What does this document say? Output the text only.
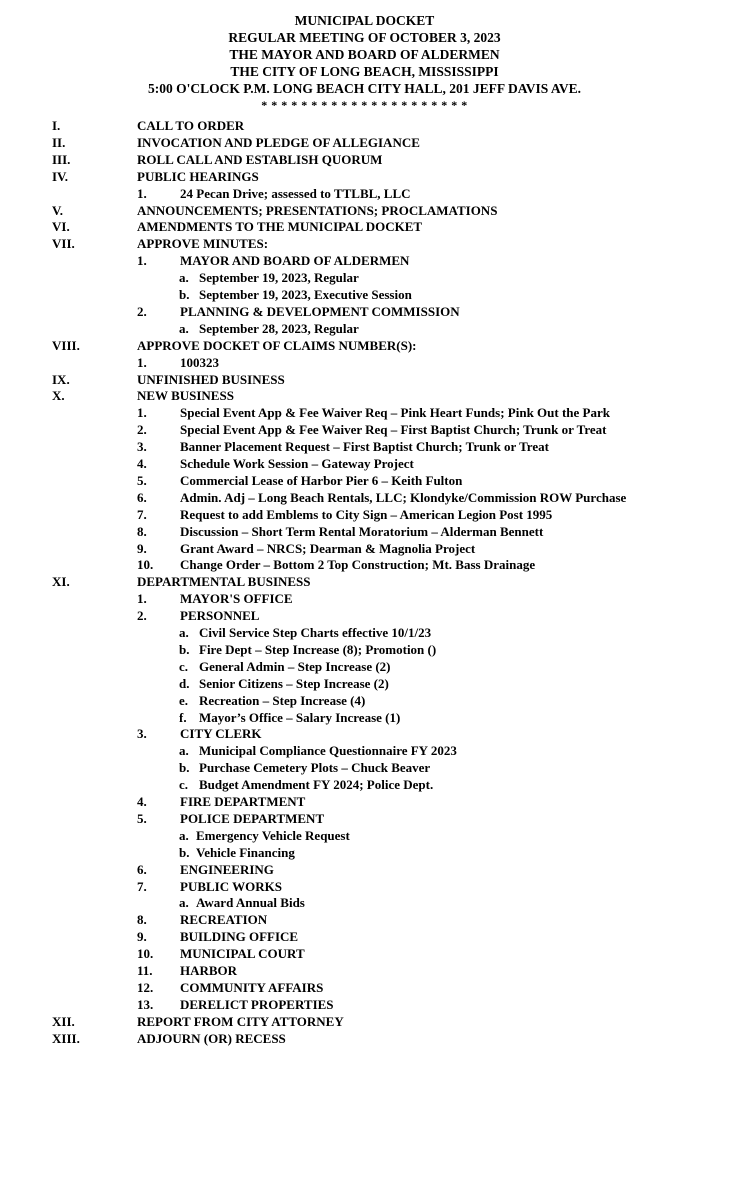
MUNICIPAL DOCKET
REGULAR MEETING OF OCTOBER 3, 2023
THE MAYOR AND BOARD OF ALDERMEN
THE CITY OF LONG BEACH, MISSISSIPPI
5:00 O'CLOCK P.M. LONG BEACH CITY HALL, 201 JEFF DAVIS AVE.
* * * * * * * * * * * * * * * * * * * * *
I.	CALL TO ORDER
II.	INVOCATION AND PLEDGE OF ALLEGIANCE
III.	ROLL CALL AND ESTABLISH QUORUM
IV.	PUBLIC HEARINGS
1.	24 Pecan Drive; assessed to TTLBL, LLC
V.	ANNOUNCEMENTS; PRESENTATIONS; PROCLAMATIONS
VI.	AMENDMENTS TO THE MUNICIPAL DOCKET
VII.	APPROVE MINUTES:
1.	MAYOR AND BOARD OF ALDERMEN
a. September 19, 2023, Regular
b. September 19, 2023, Executive Session
2.	PLANNING & DEVELOPMENT COMMISSION
a. September 28, 2023, Regular
VIII.	APPROVE DOCKET OF CLAIMS NUMBER(S):
1.	100323
IX.	UNFINISHED BUSINESS
X.	NEW BUSINESS
1.	Special Event App & Fee Waiver Req – Pink Heart Funds; Pink Out the Park
2.	Special Event App & Fee Waiver Req – First Baptist Church; Trunk or Treat
3.	Banner Placement Request – First Baptist Church; Trunk or Treat
4.	Schedule Work Session – Gateway Project
5.	Commercial Lease of Harbor Pier 6 – Keith Fulton
6.	Admin. Adj – Long Beach Rentals, LLC; Klondyke/Commission ROW Purchase
7.	Request to add Emblems to City Sign – American Legion Post 1995
8.	Discussion – Short Term Rental Moratorium – Alderman Bennett
9.	Grant Award – NRCS; Dearman & Magnolia Project
10. Change Order – Bottom 2 Top Construction; Mt. Bass Drainage
XI.	DEPARTMENTAL BUSINESS
1.	MAYOR'S OFFICE
2.	PERSONNEL
a. Civil Service Step Charts effective 10/1/23
b. Fire Dept – Step Increase (8); Promotion ()
c. General Admin – Step Increase (2)
d. Senior Citizens – Step Increase (2)
e. Recreation – Step Increase (4)
f. Mayor’s Office – Salary Increase (1)
3.	CITY CLERK
a. Municipal Compliance Questionnaire FY 2023
b. Purchase Cemetery Plots – Chuck Beaver
c. Budget Amendment FY 2024; Police Dept.
4.	FIRE DEPARTMENT
5.	POLICE DEPARTMENT
a. Emergency Vehicle Request
b. Vehicle Financing
6.	ENGINEERING
7.	PUBLIC WORKS
a. Award Annual Bids
8.	RECREATION
9.	BUILDING OFFICE
10. MUNICIPAL COURT
11. HARBOR
12. COMMUNITY AFFAIRS
13. DERELICT PROPERTIES
XII.	REPORT FROM CITY ATTORNEY
XIII.	ADJOURN (OR) RECESS
